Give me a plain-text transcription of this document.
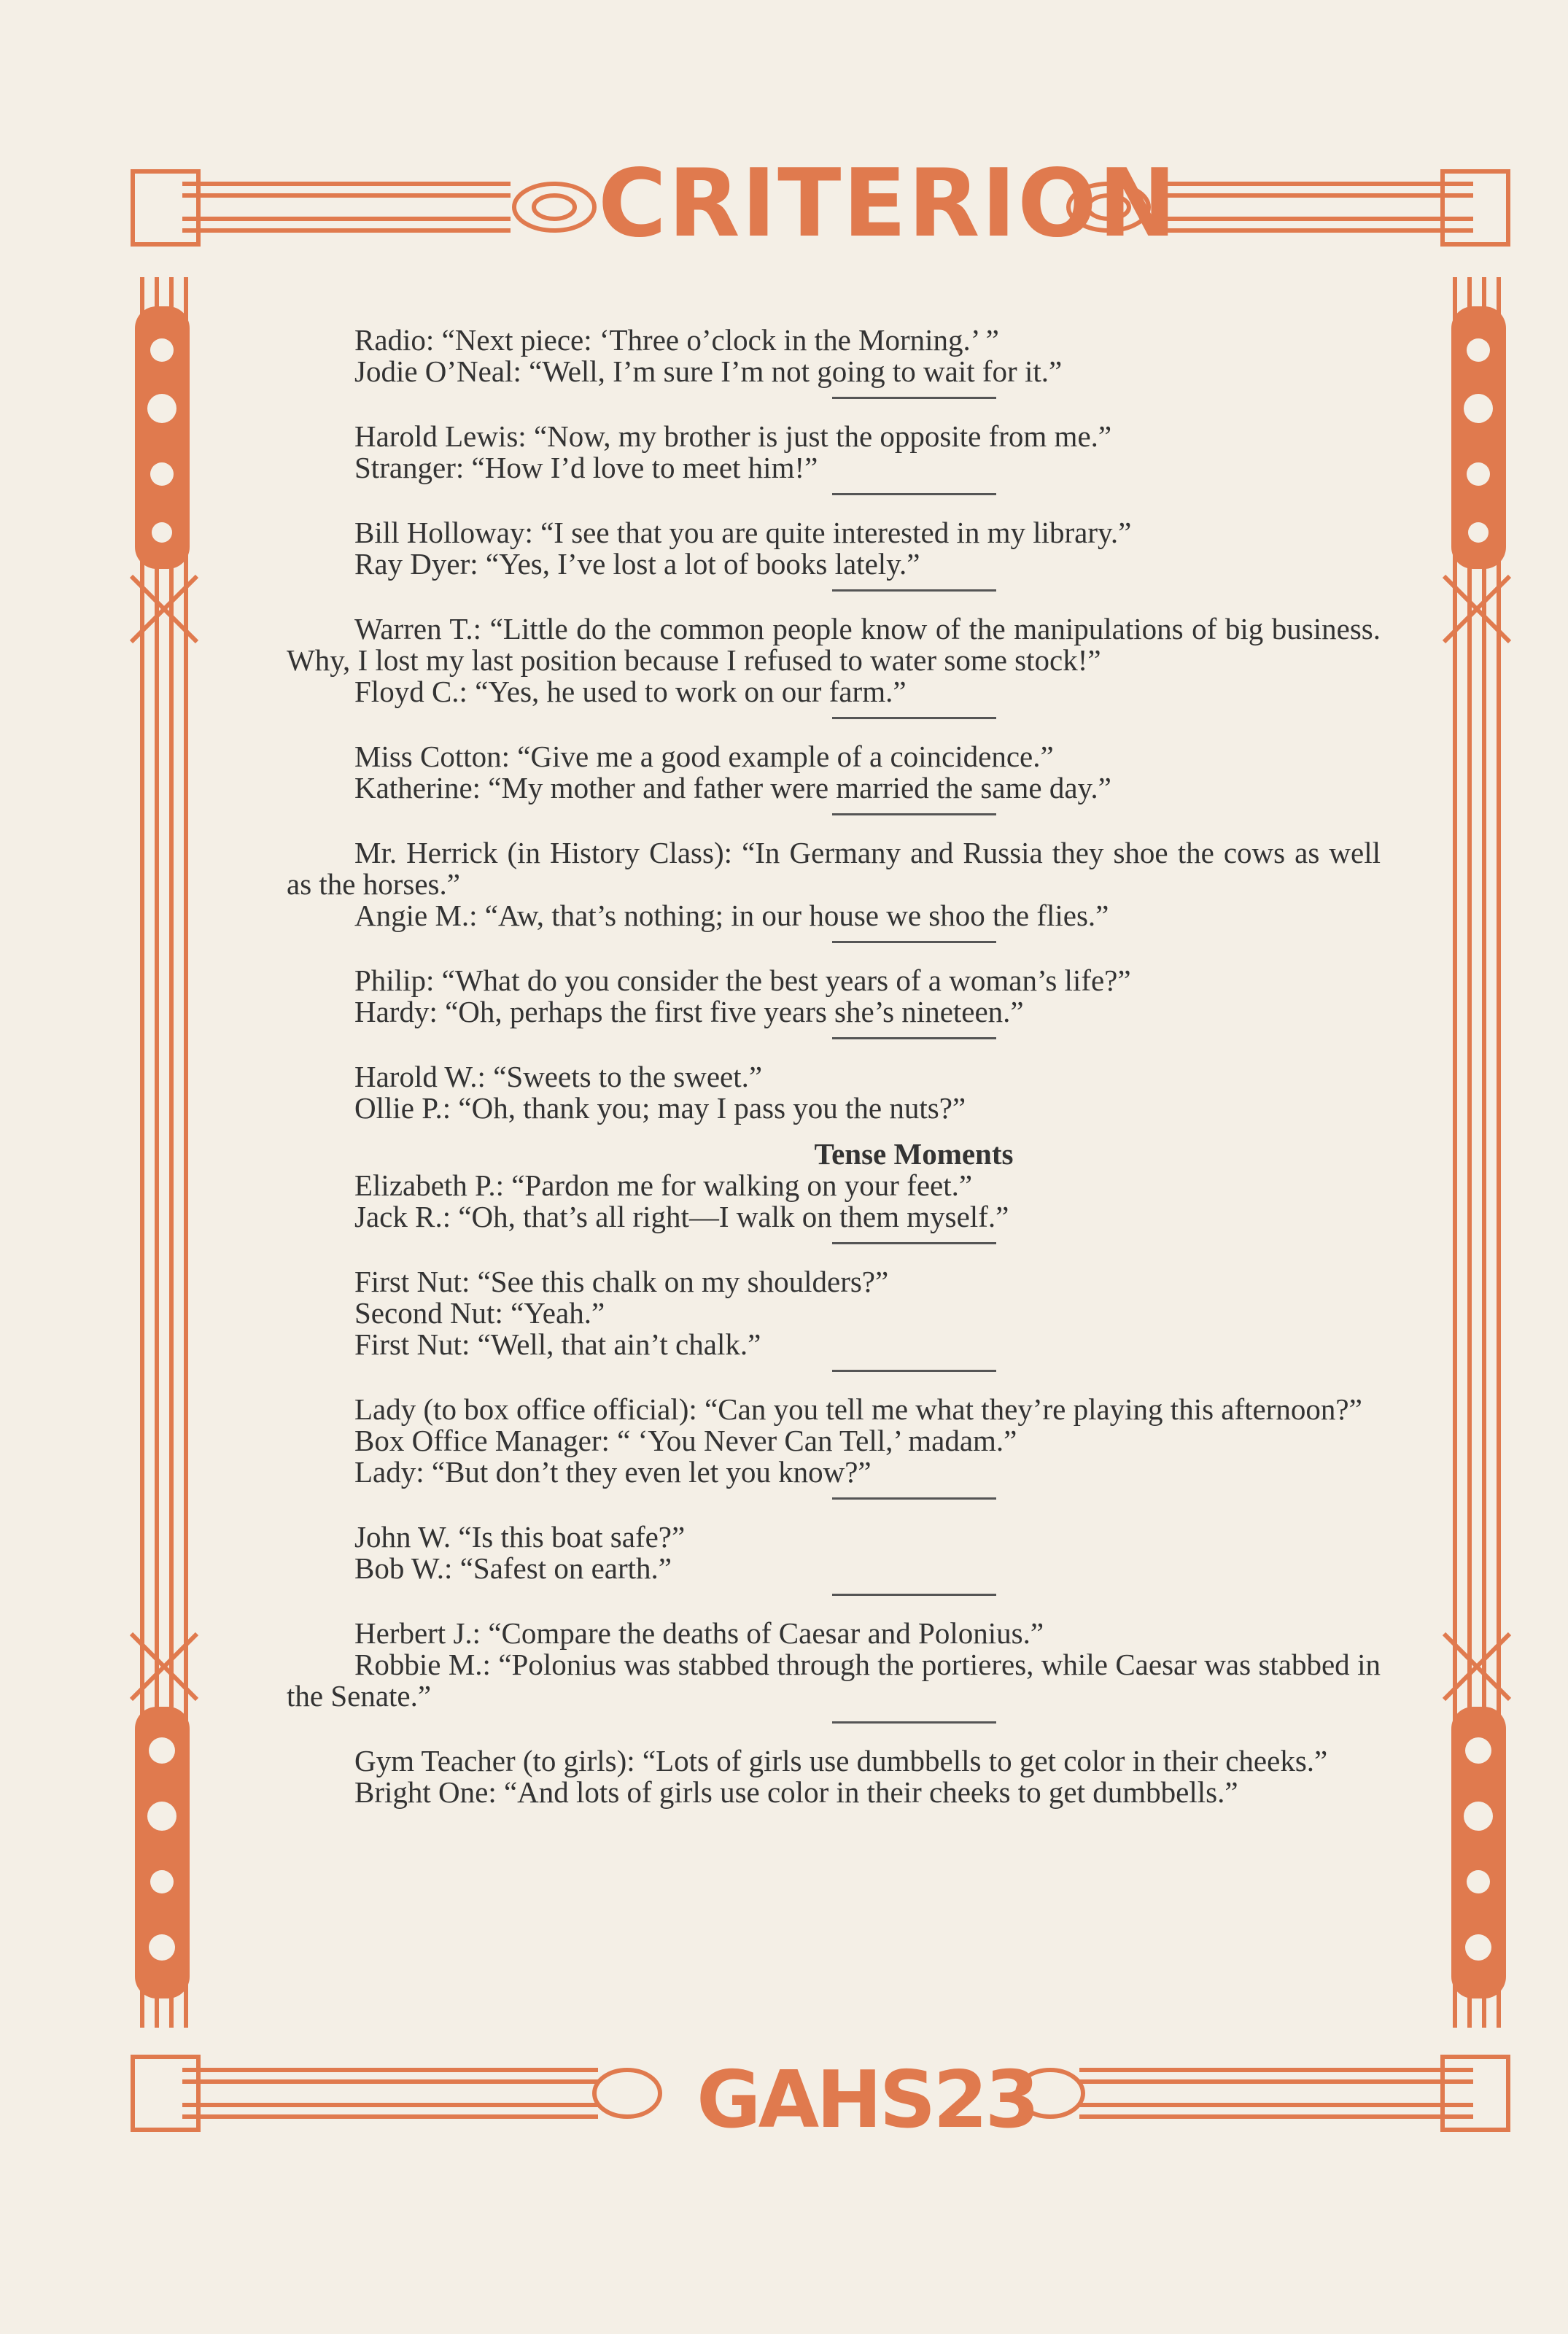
CRITERION

Radio: “Next piece: ‘Three o’clock in the Morning.’ ”

Jodie O’Neal: “Well, I’m sure I’m not going to wait for it.”

Harold Lewis: “Now, my brother is just the opposite from me.”

Stranger: “How I’d love to meet him!”

Bill Holloway: “I see that you are quite interested in my library.”

Ray Dyer: “Yes, I’ve lost a lot of books lately.”

Warren T.: “Little do the common people know of the manipulations of big business. Why, I lost my last position because I refused to water some stock!”

Floyd C.: “Yes, he used to work on our farm.”

Miss Cotton: “Give me a good example of a coincidence.”

Katherine: “My mother and father were married the same day.”

Mr. Herrick (in History Class): “In Germany and Russia they shoe the cows as well as the horses.”

Angie M.: “Aw, that’s nothing; in our house we shoo the flies.”

Philip: “What do you consider the best years of a woman’s life?”

Hardy: “Oh, perhaps the first five years she’s nineteen.”

Harold W.: “Sweets to the sweet.”

Ollie P.: “Oh, thank you; may I pass you the nuts?”

Tense Moments

Elizabeth P.: “Pardon me for walking on your feet.”

Jack R.: “Oh, that’s all right—I walk on them myself.”

First Nut: “See this chalk on my shoulders?”

Second Nut: “Yeah.”

First Nut: “Well, that ain’t chalk.”

Lady (to box office official): “Can you tell me what they’re playing this afternoon?”

Box Office Manager: “ ‘You Never Can Tell,’ madam.”

Lady: “But don’t they even let you know?”

John W. “Is this boat safe?”

Bob W.: “Safest on earth.”

Herbert J.: “Compare the deaths of Caesar and Polonius.”

Robbie M.: “Polonius was stabbed through the portieres, while Caesar was stabbed in the Senate.”

Gym Teacher (to girls): “Lots of girls use dumbbells to get color in their cheeks.”

Bright One: “And lots of girls use color in their cheeks to get dumbbells.”

GAHS23
